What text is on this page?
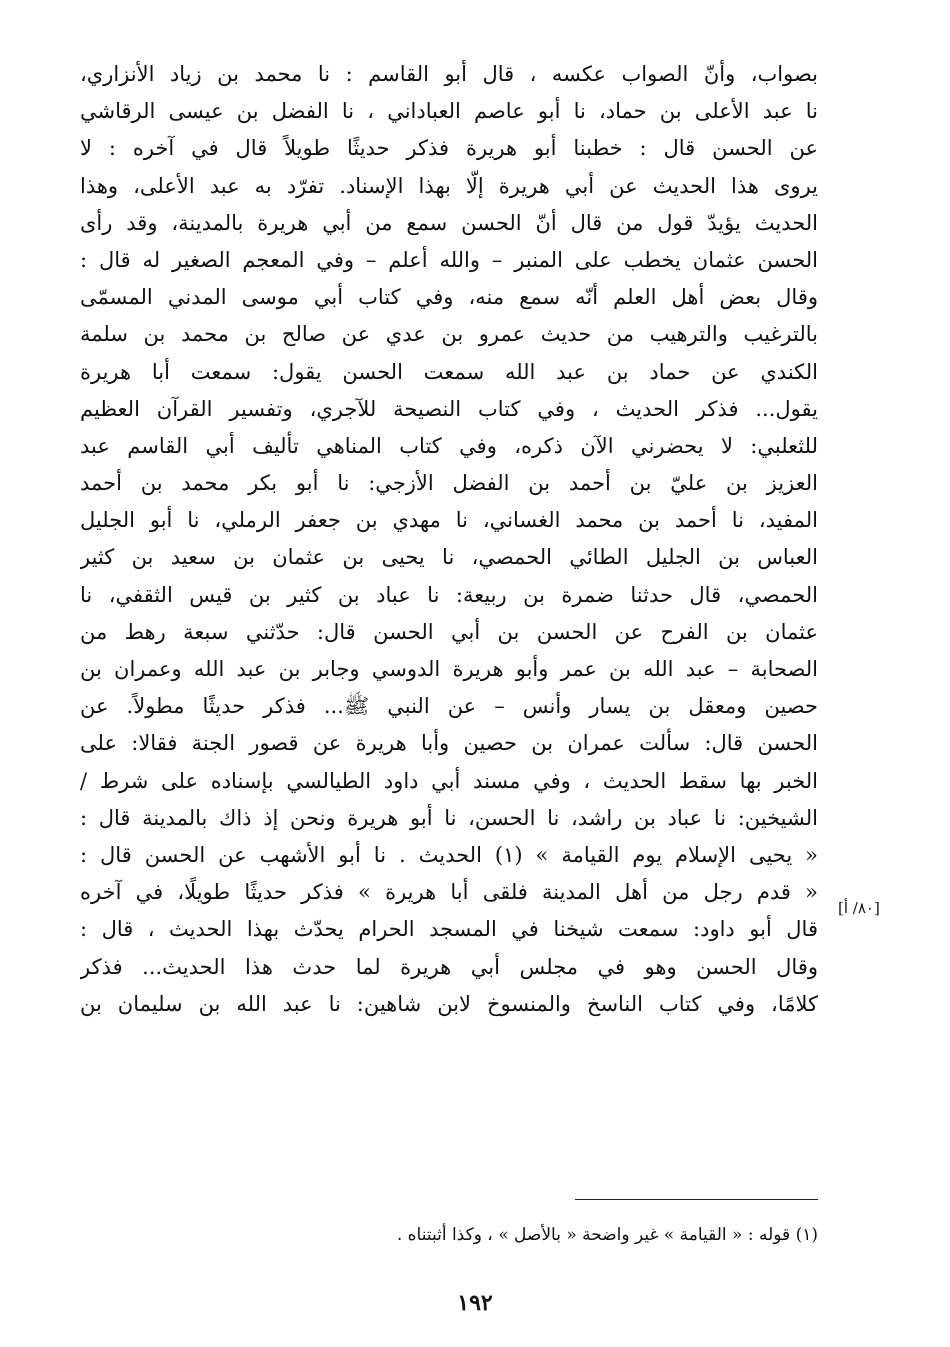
بصواب، وأنّ الصواب عكسه ، قال أبو القاسم : نا محمد بن زياد الأنزاري،
نا عبد الأعلى بن حماد، نا أبو عاصم العباداني ، نا الفضل بن عيسى الرقاشي
عن الحسن قال : خطبنا أبو هريرة فذكر حديثًا طويلاً قال في آخره : لا
يروى هذا الحديث عن أبي هريرة إلّا بهذا الإسناد. تفرّد به عبد الأعلى، وهذا
الحديث يؤيدّ قول من قال أنّ الحسن سمع من أبي هريرة بالمدينة، وقد رأى
الحسن عثمان يخطب على المنبر – والله أعلم – وفي المعجم الصغير له قال :
وقال بعض أهل العلم أنّه سمع منه، وفي كتاب أبي موسى المدني المسمّى
بالترغيب والترهيب من حديث عمرو بن عدي عن صالح بن محمد بن سلمة
الكندي عن حماد بن عبد الله سمعت الحسن يقول: سمعت أبا هريرة
يقول... فذكر الحديث ، وفي كتاب النصيحة للآجري، وتفسير القرآن العظيم
للثعلبي: لا يحضرني الآن ذكره، وفي كتاب المناهي تأليف أبي القاسم عبد
العزيز بن عليّ بن أحمد بن الفضل الأزجي: نا أبو بكر محمد بن أحمد
المفيد، نا أحمد بن محمد الغساني، نا مهدي بن جعفر الرملي، نا أبو الجليل
العباس بن الجليل الطائي الحمصي، نا يحيى بن عثمان بن سعيد بن كثير
الحمصي، قال حدثنا ضمرة بن ربيعة: نا عباد بن كثير بن قيس الثقفي، نا
عثمان بن الفرح عن الحسن بن أبي الحسن قال: حدّثني سبعة رهط من
الصحابة – عبد الله بن عمر وأبو هريرة الدوسي وجابر بن عبد الله وعمران بن
حصين ومعقل بن يسار وأنس – عن النبي ﷺ... فذكر حديثًا مطولاً. عن
الحسن قال: سألت عمران بن حصين وأبا هريرة عن قصور الجنة فقالا: على
الخبر بها سقط الحديث ، وفي مسند أبي داود الطيالسي بإسناده على شرط /
الشيخين: نا عباد بن راشد، نا الحسن، نا أبو هريرة ونحن إذ ذاك بالمدينة قال :
« يحيى الإسلام يوم القيامة » (١) الحديث . نا أبو الأشهب عن الحسن قال :
« قدم رجل من أهل المدينة فلقى أبا هريرة » فذكر حديثًا طويلًا، في آخره
قال أبو داود: سمعت شيخنا في المسجد الحرام يحدّث بهذا الحديث ، قال :
وقال الحسن وهو في مجلس أبي هريرة لما حدث هذا الحديث... فذكر
كلامًا، وفي كتاب الناسخ والمنسوخ لابن شاهين: نا عبد الله بن سليمان بن
[٨٠/ أ]
(١) قوله : « القيامة » غير واضحة « بالأصل » ، وكذا أثبتناه .
١٩٢
